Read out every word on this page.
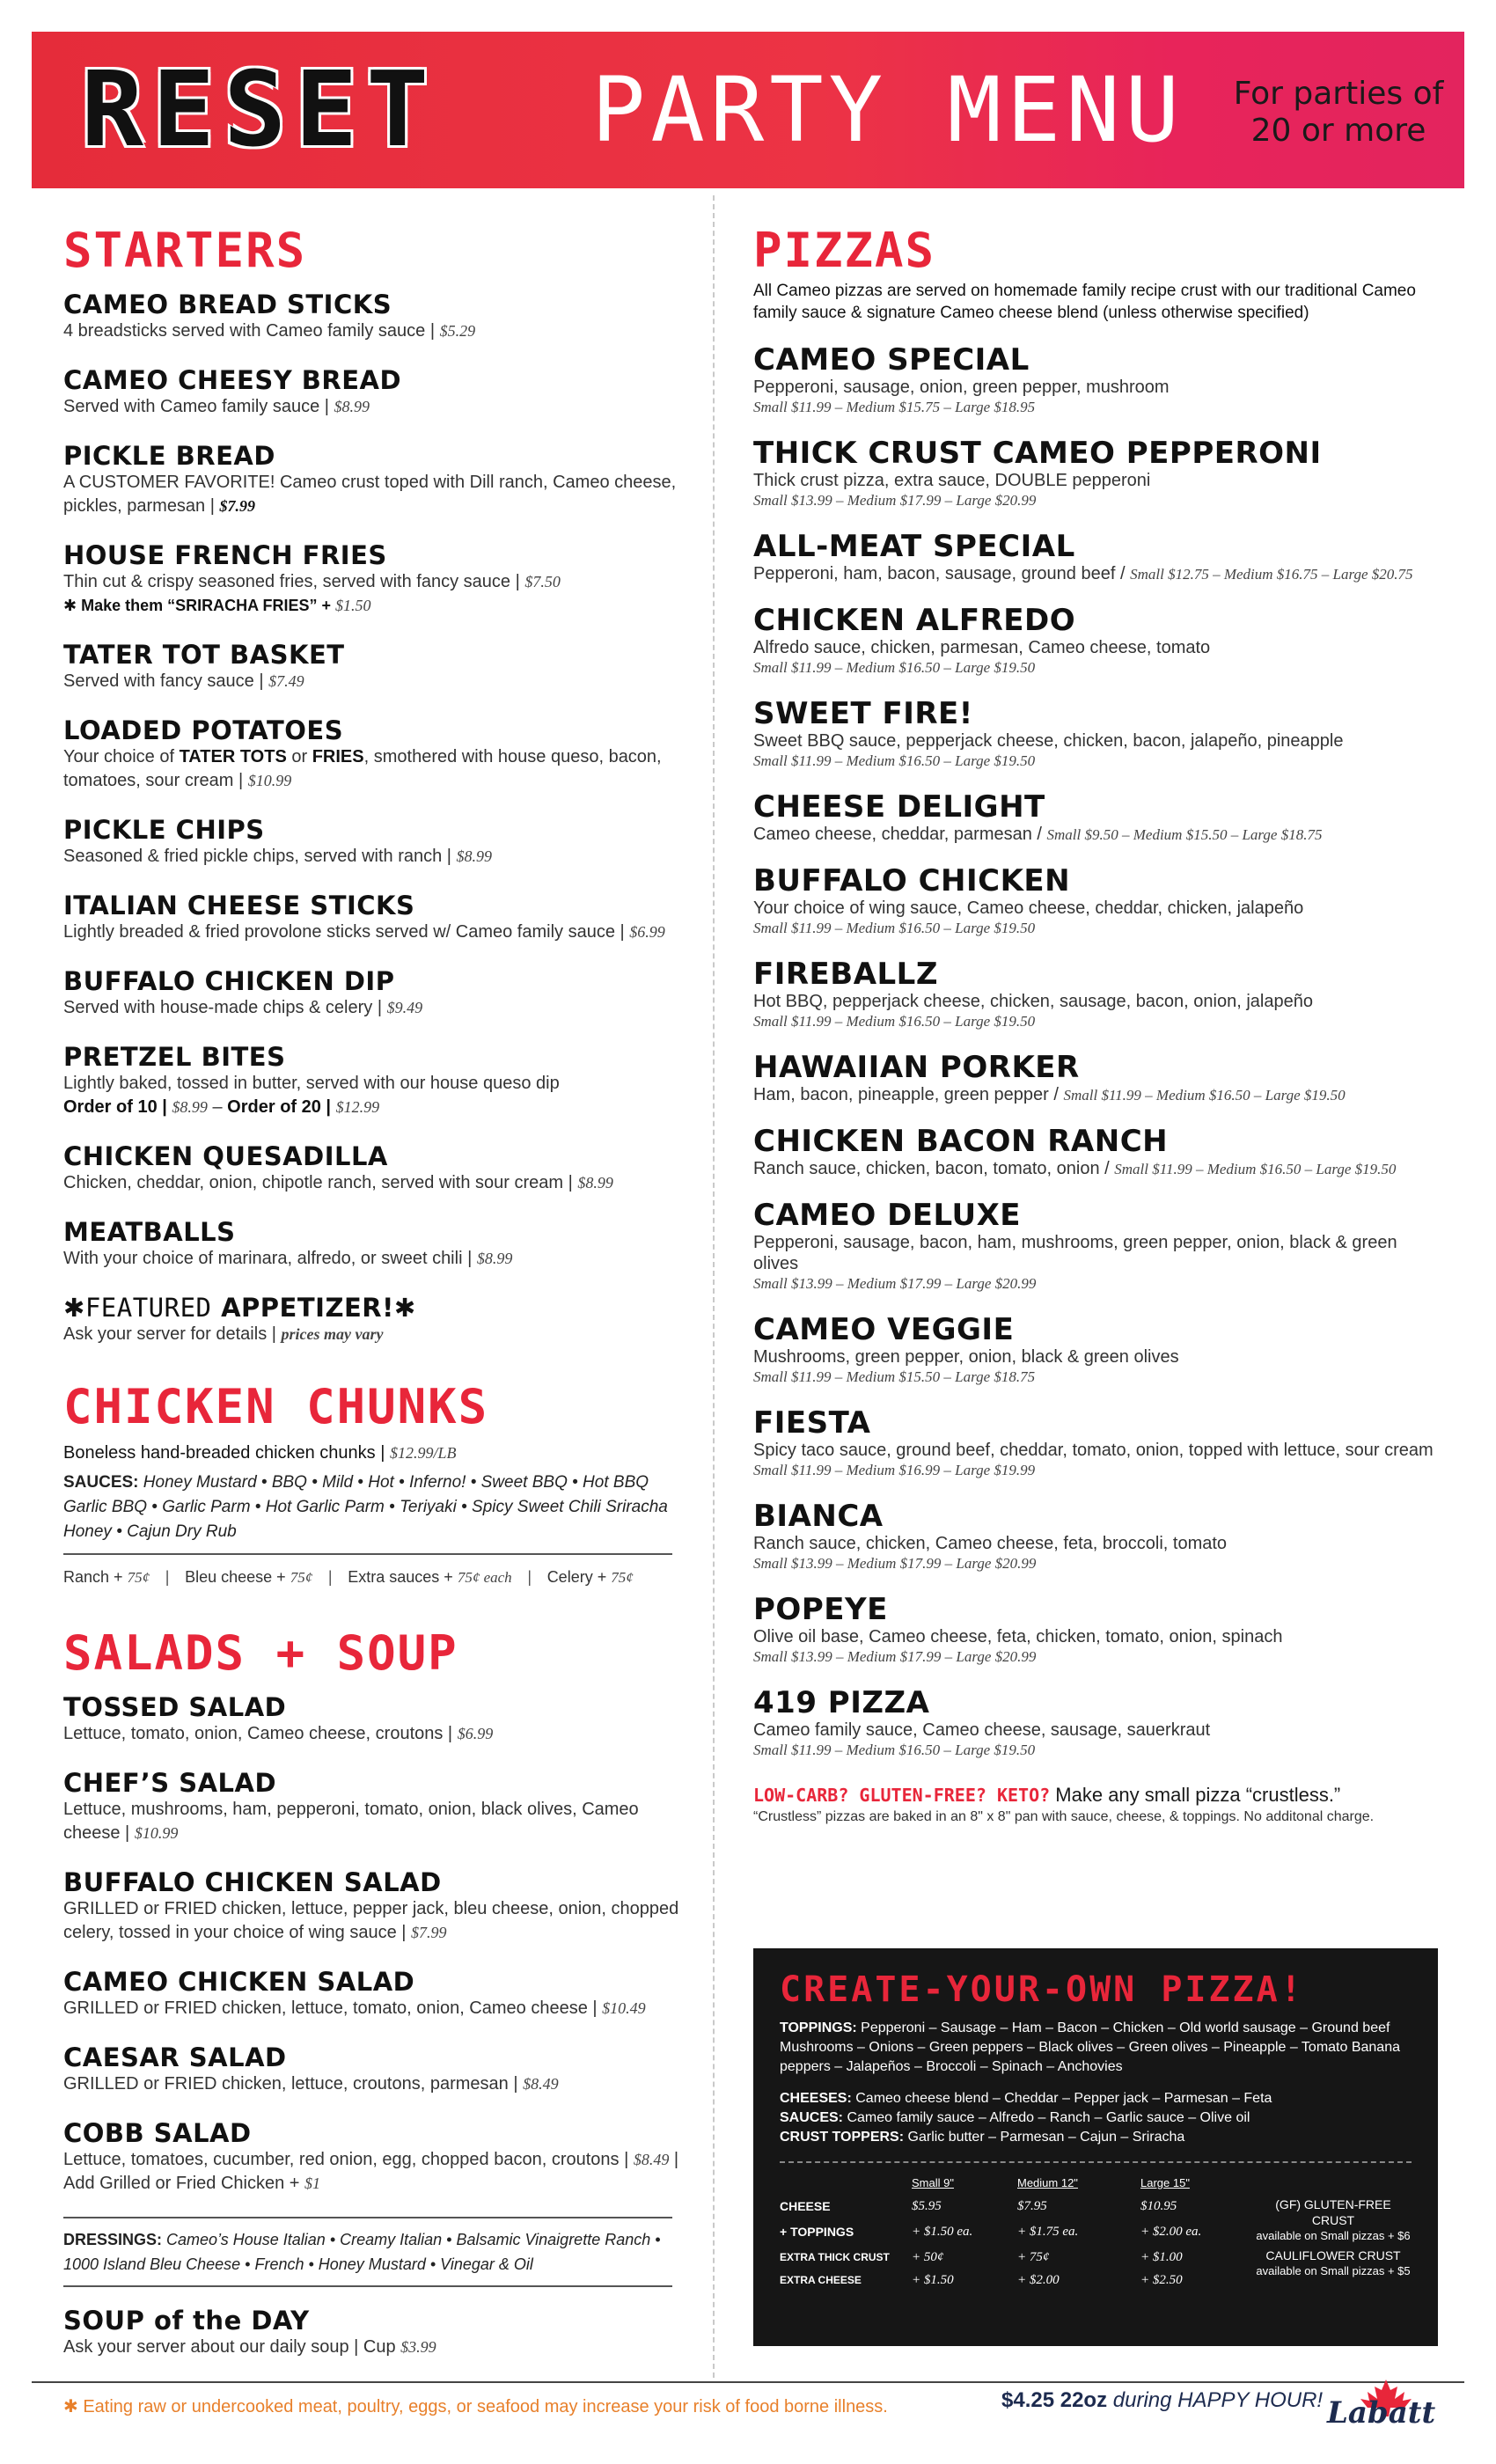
RESET PARTY MENU For parties of 20 or more
STARTERS
CAMEO BREAD STICKS
4 breadsticks served with Cameo family sauce | $5.29
CAMEO CHEESY BREAD
Served with Cameo family sauce | $8.99
PICKLE BREAD
A CUSTOMER FAVORITE! Cameo crust toped with Dill ranch, Cameo cheese, pickles, parmesan | $7.99
HOUSE FRENCH FRIES
Thin cut & crispy seasoned fries, served with fancy sauce | $7.50
✱ Make them “SRIRACHA FRIES” + $1.50
TATER TOT BASKET
Served with fancy sauce | $7.49
LOADED POTATOES
Your choice of TATER TOTS or FRIES, smothered with house queso, bacon, tomatoes, sour cream | $10.99
PICKLE CHIPS
Seasoned & fried pickle chips, served with ranch | $8.99
ITALIAN CHEESE STICKS
Lightly breaded & fried provolone sticks served w/ Cameo family sauce | $6.99
BUFFALO CHICKEN DIP
Served with house-made chips & celery | $9.49
PRETZEL BITES
Lightly baked, tossed in butter, served with our house queso dip
Order of 10 | $8.99 – Order of 20 | $12.99
CHICKEN QUESADILLA
Chicken, cheddar, onion, chipotle ranch, served with sour cream | $8.99
MEATBALLS
With your choice of marinara, alfredo, or sweet chili | $8.99
✱FEATURED APPETIZER!✱
Ask your server for details | prices may vary
CHICKEN CHUNKS
Boneless hand-breaded chicken chunks | $12.99/LB
SAUCES: Honey Mustard • BBQ • Mild • Hot • Inferno! • Sweet BBQ • Hot BBQ Garlic BBQ • Garlic Parm • Hot Garlic Parm • Teriyaki • Spicy Sweet Chili Sriracha Honey • Cajun Dry Rub
Ranch + 75¢ | Bleu cheese + 75¢ | Extra sauces + 75¢ each | Celery + 75¢
SALADS + SOUP
TOSSED SALAD
Lettuce, tomato, onion, Cameo cheese, croutons | $6.99
CHEF’S SALAD
Lettuce, mushrooms, ham, pepperoni, tomato, onion, black olives, Cameo cheese | $10.99
BUFFALO CHICKEN SALAD
GRILLED or FRIED chicken, lettuce, pepper jack, bleu cheese, onion, chopped celery, tossed in your choice of wing sauce | $7.99
CAMEO CHICKEN SALAD
GRILLED or FRIED chicken, lettuce, tomato, onion, Cameo cheese | $10.49
CAESAR SALAD
GRILLED or FRIED chicken, lettuce, croutons, parmesan | $8.49
COBB SALAD
Lettuce, tomatoes, cucumber, red onion, egg, chopped bacon, croutons | $8.49 | Add Grilled or Fried Chicken + $1
DRESSINGS: Cameo’s House Italian • Creamy Italian • Balsamic Vinaigrette Ranch • 1000 Island Bleu Cheese • French • Honey Mustard • Vinegar & Oil
SOUP of the DAY
Ask your server about our daily soup | Cup $3.99
PIZZAS
All Cameo pizzas are served on homemade family recipe crust with our traditional Cameo family sauce & signature Cameo cheese blend (unless otherwise specified)
CAMEO SPECIAL
Pepperoni, sausage, onion, green pepper, mushroom
Small $11.99 – Medium $15.75 – Large $18.95
THICK CRUST CAMEO PEPPERONI
Thick crust pizza, extra sauce, DOUBLE pepperoni
Small $13.99 – Medium $17.99 – Large $20.99
ALL-MEAT SPECIAL
Pepperoni, ham, bacon, sausage, ground beef / Small $12.75 – Medium $16.75 – Large $20.75
CHICKEN ALFREDO
Alfredo sauce, chicken, parmesan, Cameo cheese, tomato
Small $11.99 – Medium $16.50 – Large $19.50
SWEET FIRE!
Sweet BBQ sauce, pepperjack cheese, chicken, bacon, jalapeño, pineapple
Small $11.99 – Medium $16.50 – Large $19.50
CHEESE DELIGHT
Cameo cheese, cheddar, parmesan / Small $9.50 – Medium $15.50 – Large $18.75
BUFFALO CHICKEN
Your choice of wing sauce, Cameo cheese, cheddar, chicken, jalapeño
Small $11.99 – Medium $16.50 – Large $19.50
FIREBALLZ
Hot BBQ, pepperjack cheese, chicken, sausage, bacon, onion, jalapeño
Small $11.99 – Medium $16.50 – Large $19.50
HAWAIIAN PORKER
Ham, bacon, pineapple, green pepper / Small $11.99 – Medium $16.50 – Large $19.50
CHICKEN BACON RANCH
Ranch sauce, chicken, bacon, tomato, onion / Small $11.99 – Medium $16.50 – Large $19.50
CAMEO DELUXE
Pepperoni, sausage, bacon, ham, mushrooms, green pepper, onion, black & green olives
Small $13.99 – Medium $17.99 – Large $20.99
CAMEO VEGGIE
Mushrooms, green pepper, onion, black & green olives
Small $11.99 – Medium $15.50 – Large $18.75
FIESTA
Spicy taco sauce, ground beef, cheddar, tomato, onion, topped with lettuce, sour cream
Small $11.99 – Medium $16.99 – Large $19.99
BIANCA
Ranch sauce, chicken, Cameo cheese, feta, broccoli, tomato
Small $13.99 – Medium $17.99 – Large $20.99
POPEYE
Olive oil base, Cameo cheese, feta, chicken, tomato, onion, spinach
Small $13.99 – Medium $17.99 – Large $20.99
419 PIZZA
Cameo family sauce, Cameo cheese, sausage, sauerkraut
Small $11.99 – Medium $16.50 – Large $19.50
LOW-CARB? GLUTEN-FREE? KETO? Make any small pizza “crustless.”
“Crustless” pizzas are baked in an 8" x 8" pan with sauce, cheese, & toppings. No additonal charge.
CREATE-YOUR-OWN PIZZA!
TOPPINGS: Pepperoni – Sausage – Ham – Bacon – Chicken – Old world sausage – Ground beef Mushrooms – Onions – Green peppers – Black olives – Green olives – Pineapple – Tomato Banana peppers – Jalapeños – Broccoli – Spinach – Anchovies
CHEESES: Cameo cheese blend – Cheddar – Pepper jack – Parmesan – Feta
SAUCES: Cameo family sauce – Alfredo – Ranch – Garlic sauce – Olive oil
CRUST TOPPERS: Garlic butter – Parmesan – Cajun – Sriracha
Small 9"	Medium 12"	Large 15"
CHEESE	$5.95	$7.95	$10.95	(GF) GLUTEN-FREE CRUST
available on Small pizzas + $6
+ TOPPINGS	+ $1.50 ea.	+ $1.75 ea.	+ $2.00 ea.
EXTRA THICK CRUST	+ 50¢	+ 75¢	+ $1.00	CAULIFLOWER CRUST
available on Small pizzas + $5
EXTRA CHEESE	+ $1.50	+ $2.00	+ $2.50
✱ Eating raw or undercooked meat, poultry, eggs, or seafood may increase your risk of food borne illness.	$4.25 22oz during HAPPY HOUR! Labatt
